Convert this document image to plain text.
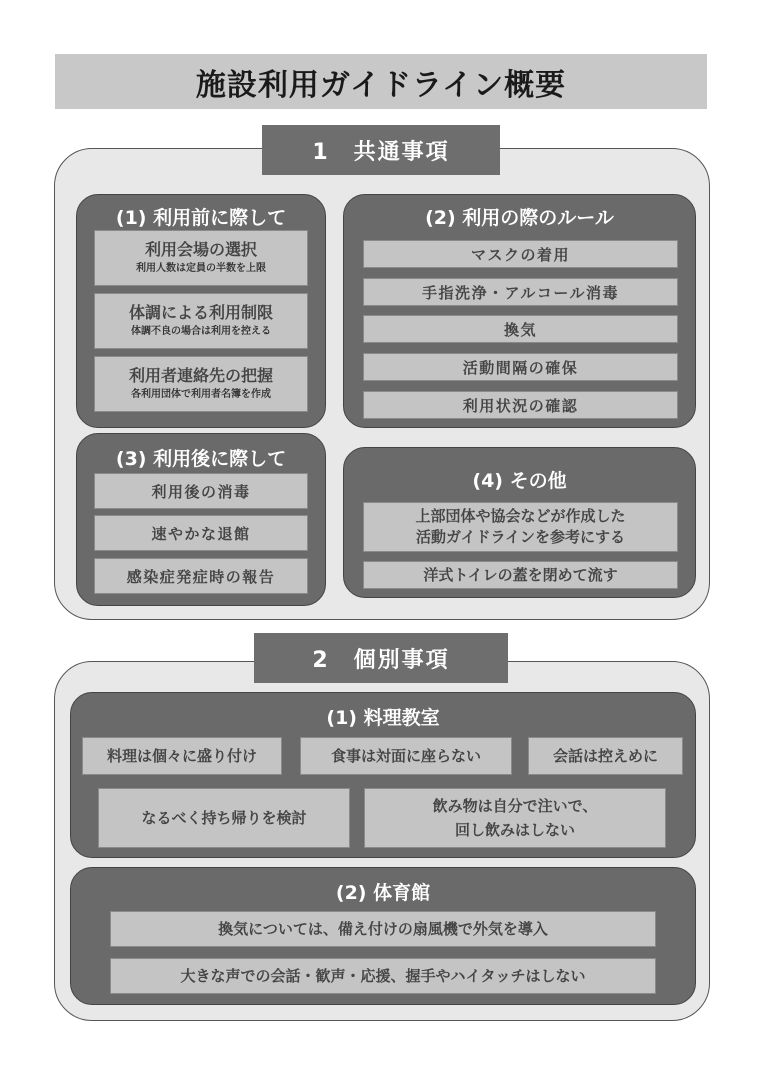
施設利用ガイドライン概要
1　共通事項
(1) 利用前に際して
利用会場の選択
利用人数は定員の半数を上限
体調による利用制限
体調不良の場合は利用を控える
利用者連絡先の把握
各利用団体で利用者名簿を作成
(2) 利用の際のルール
マスクの着用
手指洗浄・アルコール消毒
換気
活動間隔の確保
利用状況の確認
(3) 利用後に際して
利用後の消毒
速やかな退館
感染症発症時の報告
(4) その他
上部団体や協会などが作成した
活動ガイドラインを参考にする
洋式トイレの蓋を閉めて流す
2　個別事項
(1) 料理教室
料理は個々に盛り付け	食事は対面に座らない	会話は控えめに
なるべく持ち帰りを検討
飲み物は自分で注いで、
回し飲みはしない
(2) 体育館
換気については、備え付けの扇風機で外気を導入
大きな声での会話・歓声・応援、握手やハイタッチはしない
